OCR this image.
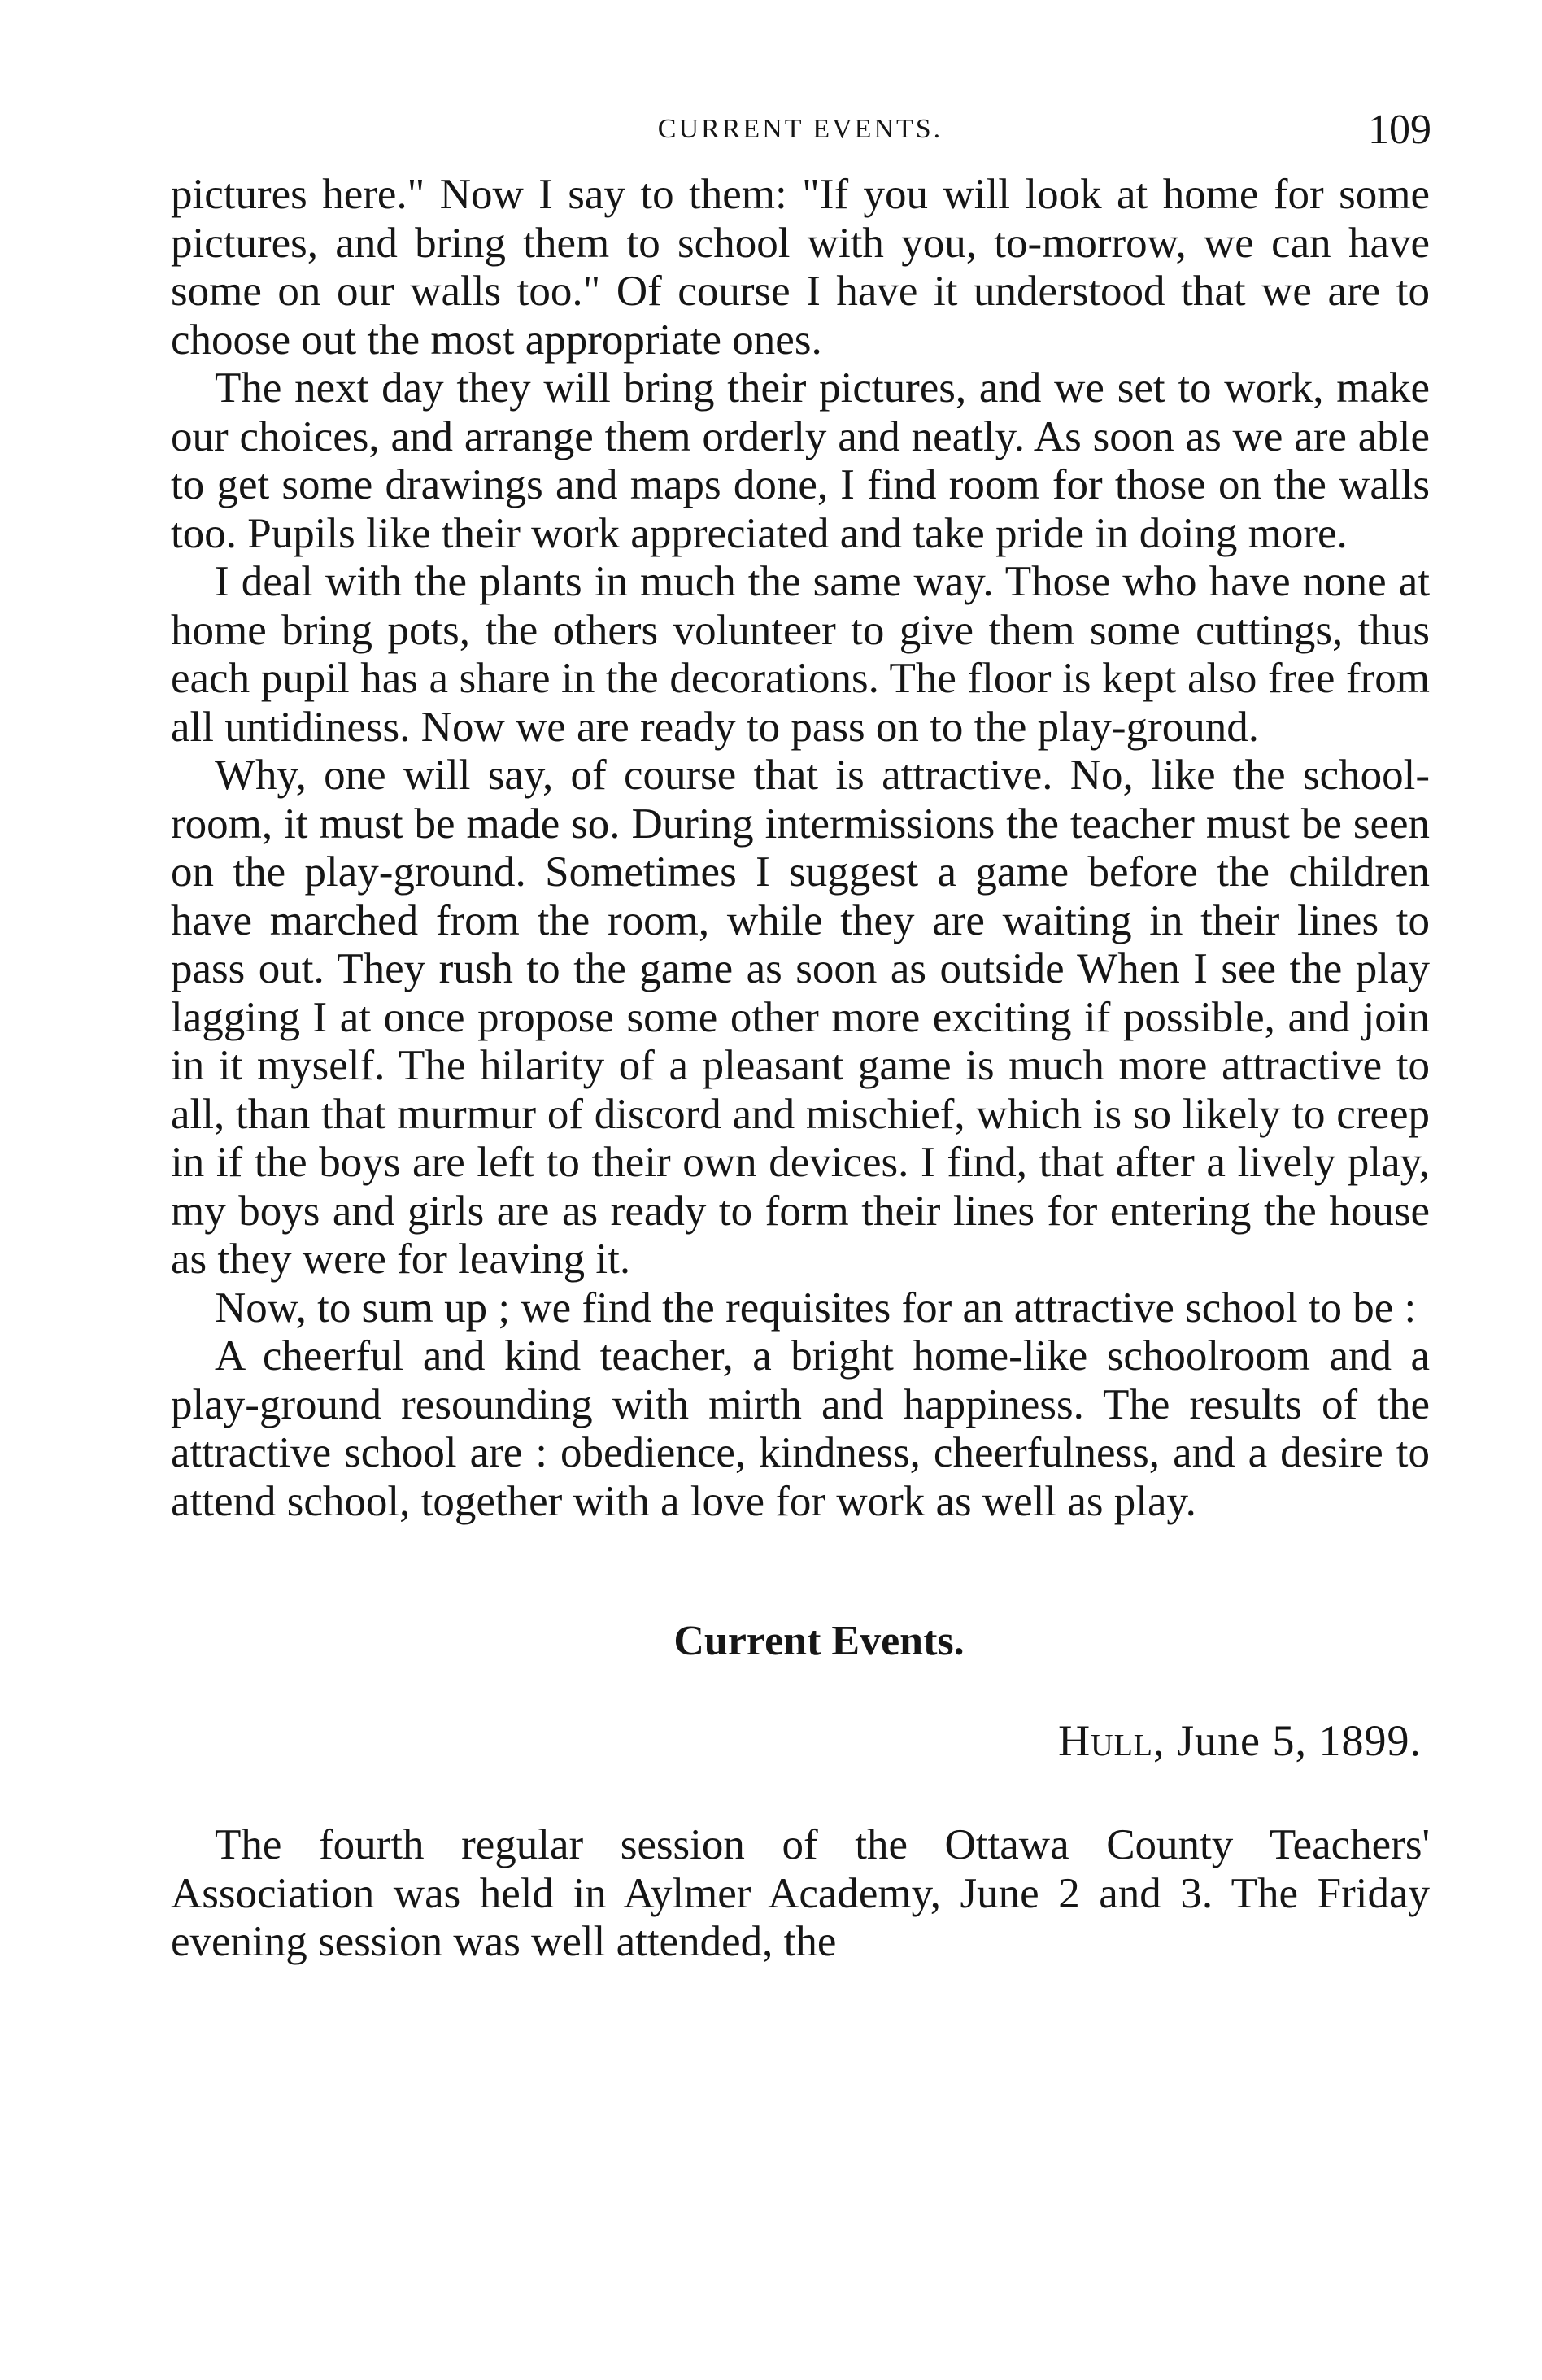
CURRENT EVENTS.	109

pictures here." Now I say to them: "If you will look at home for some pictures, and bring them to school with you, to-morrow, we can have some on our walls too." Of course I have it understood that we are to choose out the most appropriate ones.

The next day they will bring their pictures, and we set to work, make our choices, and arrange them orderly and neatly. As soon as we are able to get some drawings and maps done, I find room for those on the walls too. Pupils like their work appreciated and take pride in doing more.

I deal with the plants in much the same way. Those who have none at home bring pots, the others volunteer to give them some cuttings, thus each pupil has a share in the decorations. The floor is kept also free from all untidiness. Now we are ready to pass on to the play-ground.

Why, one will say, of course that is attractive. No, like the school-room, it must be made so. During intermissions the teacher must be seen on the play-ground. Sometimes I suggest a game before the children have marched from the room, while they are waiting in their lines to pass out. They rush to the game as soon as outside When I see the play lagging I at once propose some other more exciting if possible, and join in it myself. The hilarity of a pleasant game is much more attractive to all, than that murmur of discord and mischief, which is so likely to creep in if the boys are left to their own devices. I find, that after a lively play, my boys and girls are as ready to form their lines for entering the house as they were for leaving it.

Now, to sum up ; we find the requisites for an attractive school to be :

A cheerful and kind teacher, a bright home-like schoolroom and a play-ground resounding with mirth and happiness. The results of the attractive school are : obedience, kindness, cheerfulness, and a desire to attend school, together with a love for work as well as play.

Current Events.
Hull, June 5, 1899.

The fourth regular session of the Ottawa County Teachers' Association was held in Aylmer Academy, June 2 and 3. The Friday evening session was well attended, the
